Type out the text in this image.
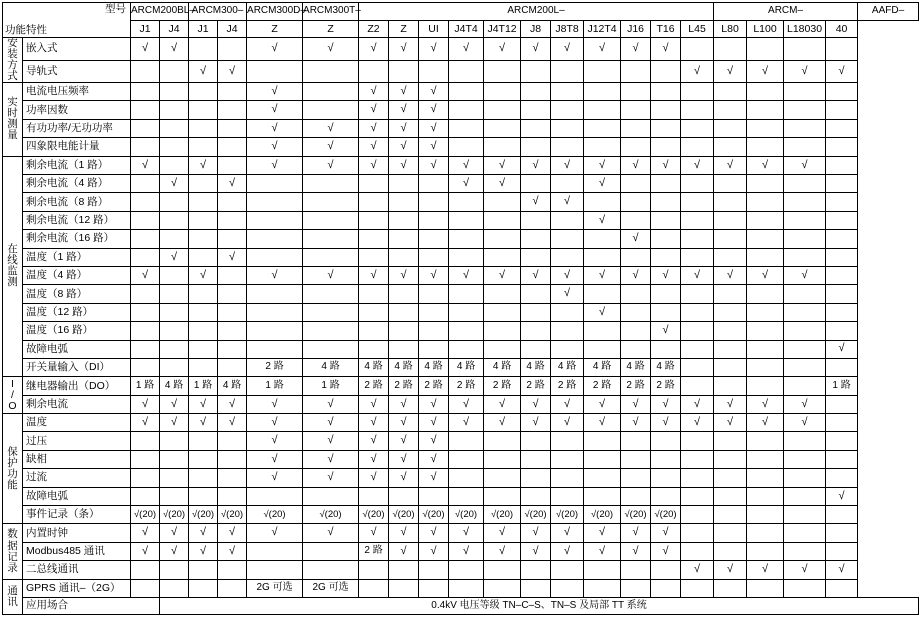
功能特性
型号		ARCM200BL–		ARCM300–		ARCM300D–	ARCM300T–	ARCM200L–											ARCM–				AAFD–
		J1	J4	J1	J4	Z	Z	Z2	Z	UI	J4T4	J4T12	J8	J8T8	J12T4	J16	T16	L45	L80	L100	L18030	40	
安
装
方
式	嵌入式	√	√			√	√	√	√	√	√	√	√	√	√	√	√						
	导轨式			√	√													√	√	√	√	√	
实
时
测
量	电流电压频率					√		√	√	√													
	功率因数					√		√	√	√													
	有功功率/无功功率					√	√	√	√	√													
	四象限电能计量					√	√	√	√	√													
在
线
监
测	剩余电流（1 路）	√		√		√	√	√	√	√	√	√	√	√	√	√	√	√	√	√	√		
	剩余电流（4 路）		√		√						√	√			√								
	剩余电流（8 路）												√	√									
	剩余电流（12 路）														√								
	剩余电流（16 路）															√							
	温度（1 路）		√		√																		
	温度（4 路）	√		√		√	√	√	√	√	√	√	√	√	√	√	√	√	√	√	√		
	温度（8 路）													√									
	温度（12 路）														√								
	温度（16 路）																√						
	故障电弧																					√	
	开关量输入（DI）					2 路	4 路	4 路	4 路	4 路	4 路	4 路	4 路	4 路	4 路	4 路	4 路						
I
/
O	继电器输出（DO）	1 路	4 路	1 路	4 路	1 路	1 路	2 路	2 路	2 路	2 路	2 路	2 路	2 路	2 路	2 路	2 路					1 路	
	剩余电流	√	√	√	√	√	√	√	√	√	√	√	√	√	√	√	√	√	√	√	√		
保
护
功
能	温度	√	√	√	√	√	√	√	√	√	√	√	√	√	√	√	√	√	√	√	√		
	过压					√	√	√	√	√													
	缺相					√	√	√	√	√													
	过流					√	√	√	√	√													
	故障电弧																					√	
	事件记录（条）	√(20)	√(20)	√(20)	√(20)	√(20)	√(20)	√(20)	√(20)	√(20)	√(20)	√(20)	√(20)	√(20)	√(20)	√(20)	√(20)						
数
据
记
录	内置时钟	√	√	√	√	√	√	√	√	√	√	√	√	√	√	√	√						
	Modbus485 通讯	√	√	√	√			2 路	√	√	√	√	√	√	√	√	√						
	二总线通讯																	√	√	√	√	√	
通
讯	GPRS 通讯–（2G）					2G 可选	2G 可选																
	应用场合		0.4kV 电压等级 TN–C–S、TN–S 及局部 TT 系统																				
